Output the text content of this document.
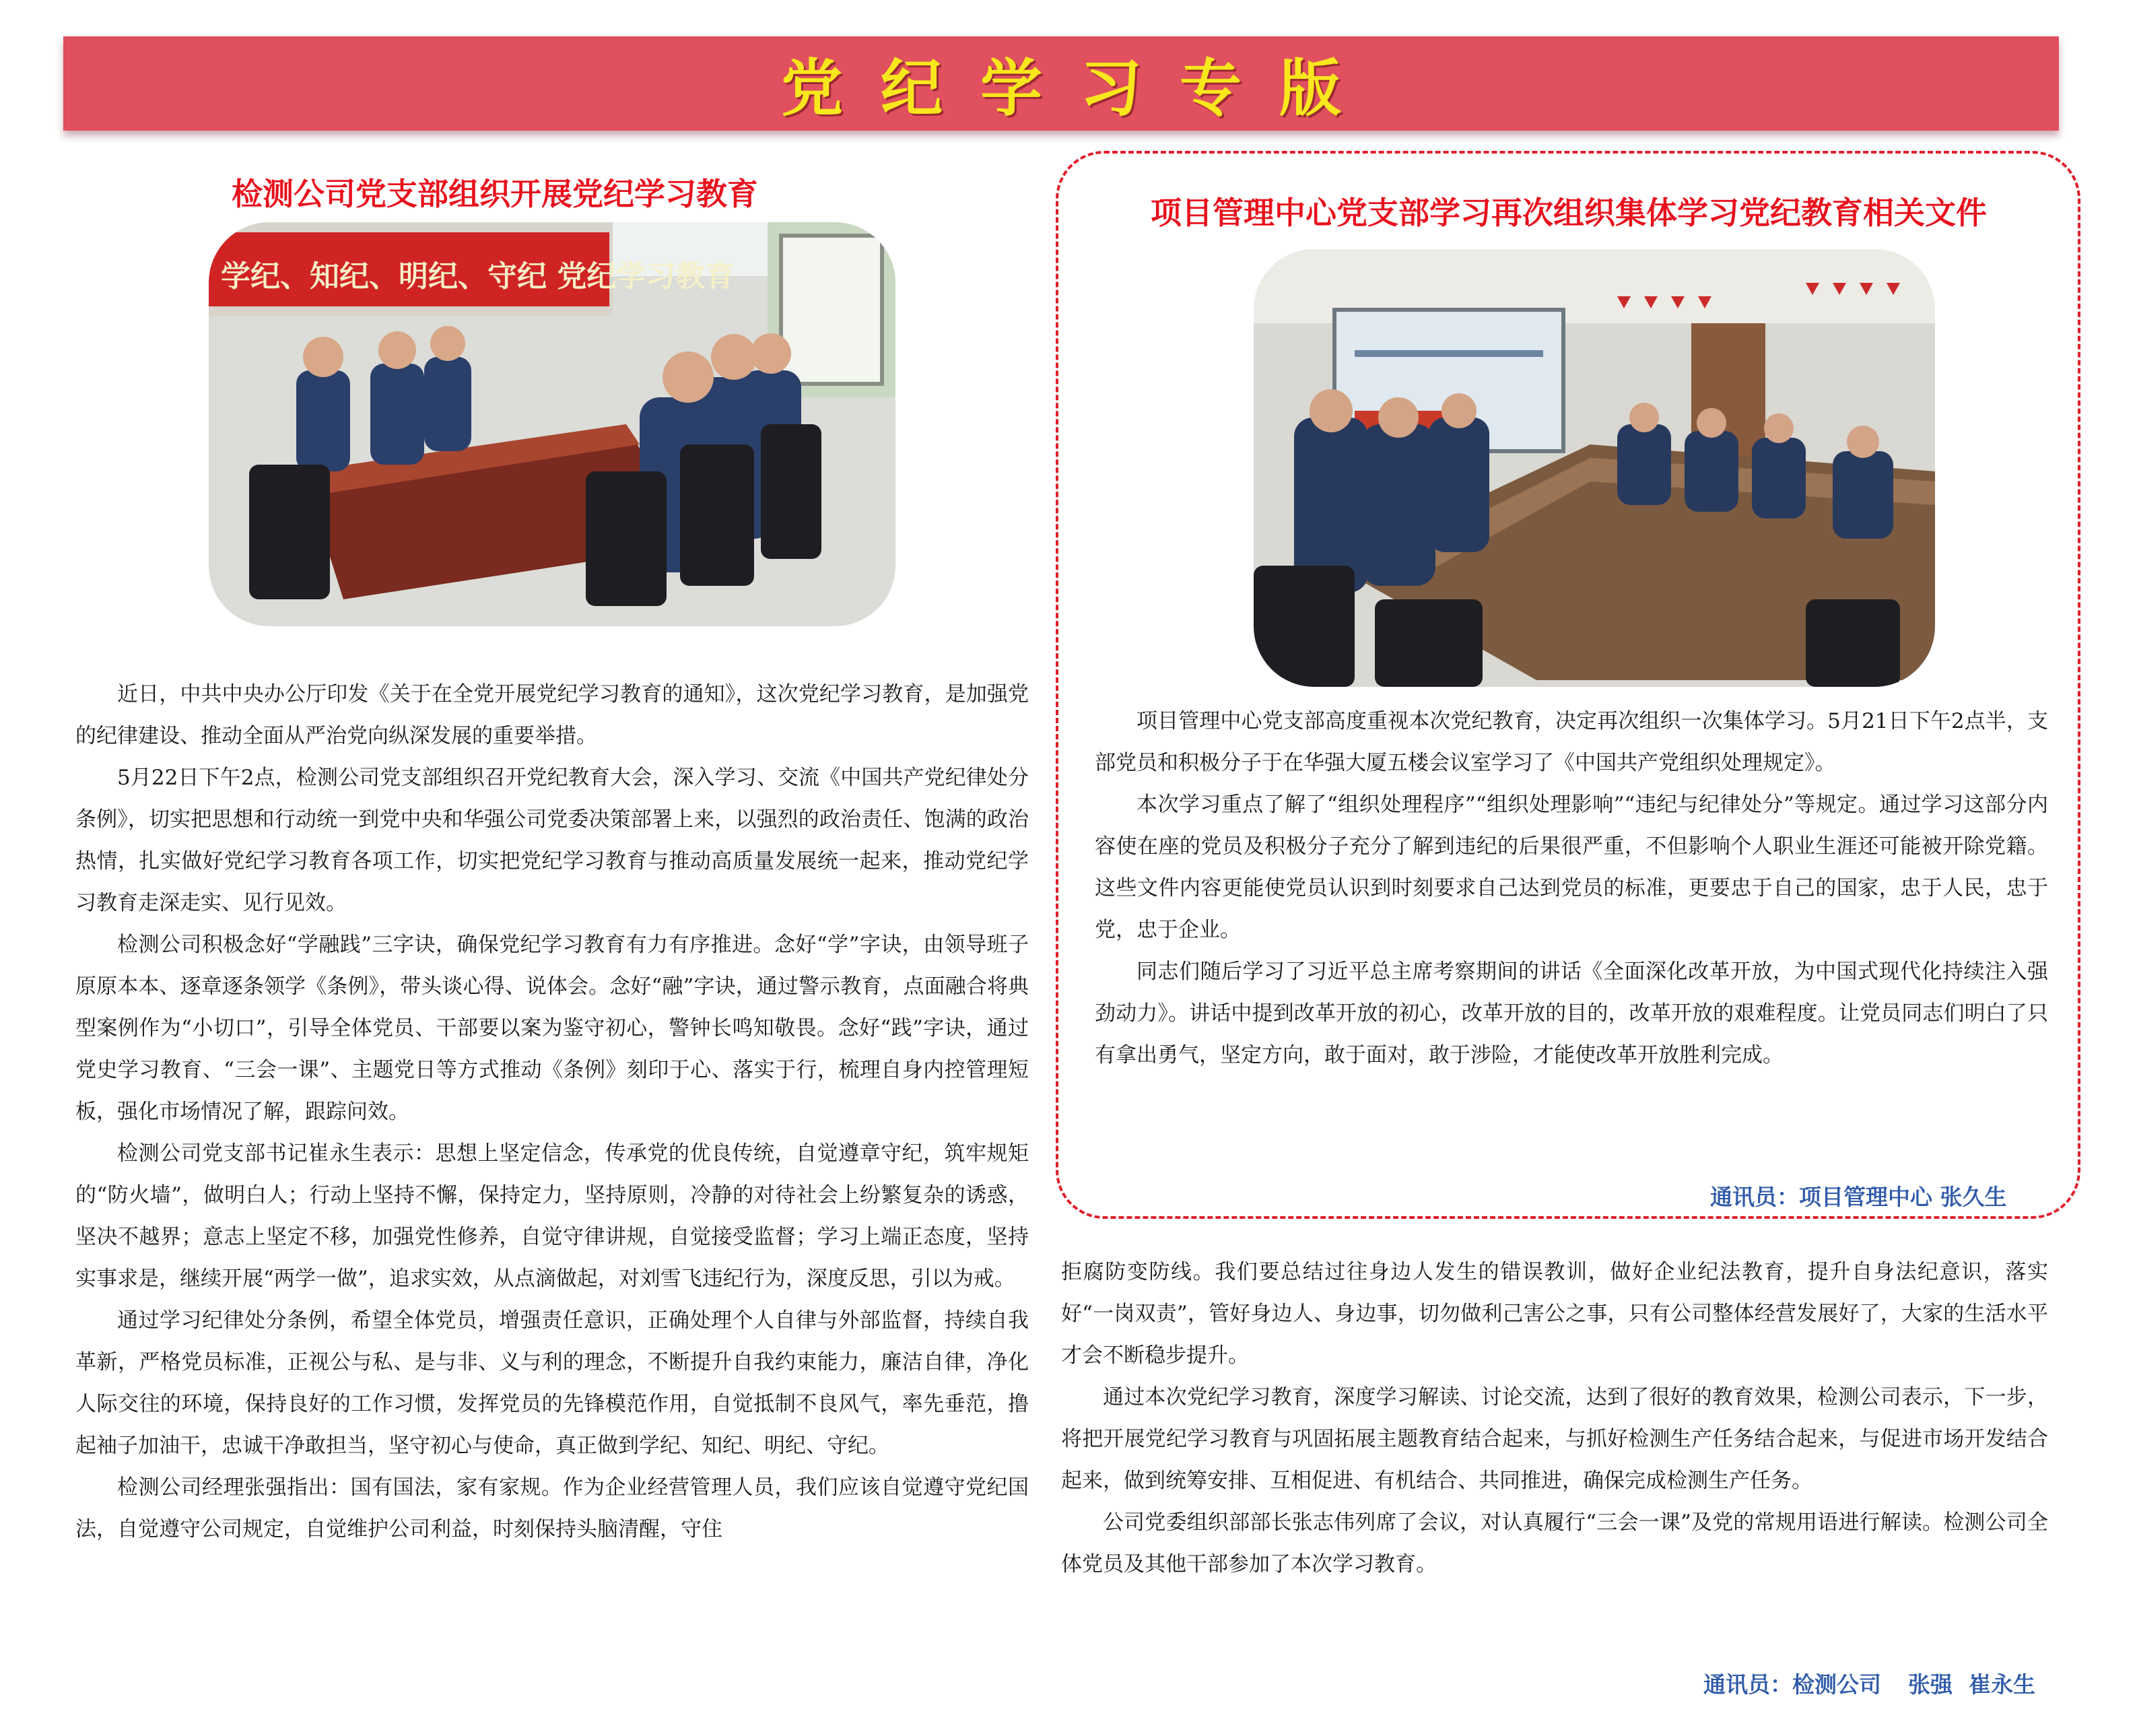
党纪学习专版
检测公司党支部组织开展党纪学习教育
学纪、知纪、明纪、守纪 党纪学习教育

近日，中共中央办公厅印发《关于在全党开展党纪学习教育的通知》，这次党纪学习教育，是加强党的纪律建设、推动全面从严治党向纵深发展的重要举措。

5月22日下午2点，检测公司党支部组织召开党纪教育大会，深入学习、交流《中国共产党纪律处分条例》，切实把思想和行动统一到党中央和华强公司党委决策部署上来，以强烈的政治责任、饱满的政治热情，扎实做好党纪学习教育各项工作，切实把党纪学习教育与推动高质量发展统一起来，推动党纪学习教育走深走实、见行见效。

检测公司积极念好“学融践”三字诀，确保党纪学习教育有力有序推进。念好“学”字诀，由领导班子原原本本、逐章逐条领学《条例》，带头谈心得、说体会。念好“融”字诀，通过警示教育，点面融合将典型案例作为“小切口”，引导全体党员、干部要以案为鉴守初心，警钟长鸣知敬畏。念好“践”字诀，通过党史学习教育、“三会一课”、主题党日等方式推动《条例》刻印于心、落实于行，梳理自身内控管理短板，强化市场情况了解，跟踪问效。

检测公司党支部书记崔永生表示：思想上坚定信念，传承党的优良传统，自觉遵章守纪，筑牢规矩的“防火墙”，做明白人；行动上坚持不懈，保持定力，坚持原则，冷静的对待社会上纷繁复杂的诱惑，坚决不越界；意志上坚定不移，加强党性修养，自觉守律讲规，自觉接受监督；学习上端正态度，坚持实事求是，继续开展“两学一做”，追求实效，从点滴做起，对刘雪飞违纪行为，深度反思，引以为戒。

通过学习纪律处分条例，希望全体党员，增强责任意识，正确处理个人自律与外部监督，持续自我革新，严格党员标准，正视公与私、是与非、义与利的理念，不断提升自我约束能力，廉洁自律，净化人际交往的环境，保持良好的工作习惯，发挥党员的先锋模范作用，自觉抵制不良风气，率先垂范，撸起袖子加油干，忠诚干净敢担当，坚守初心与使命，真正做到学纪、知纪、明纪、守纪。

检测公司经理张强指出：国有国法，家有家规。作为企业经营管理人员，我们应该自觉遵守党纪国法，自觉遵守公司规定，自觉维护公司利益，时刻保持头脑清醒，守住

项目管理中心党支部学习再次组织集体学习党纪教育相关文件

项目管理中心党支部高度重视本次党纪教育，决定再次组织一次集体学习。5月21日下午2点半，支部党员和积极分子于在华强大厦五楼会议室学习了《中国共产党组织处理规定》。

本次学习重点了解了“组织处理程序”“组织处理影响”“违纪与纪律处分”等规定。通过学习这部分内容使在座的党员及积极分子充分了解到违纪的后果很严重，不但影响个人职业生涯还可能被开除党籍。这些文件内容更能使党员认识到时刻要求自己达到党员的标准，更要忠于自己的国家，忠于人民，忠于党，忠于企业。

同志们随后学习了习近平总主席考察期间的讲话《全面深化改革开放，为中国式现代化持续注入强劲动力》。讲话中提到改革开放的初心，改革开放的目的，改革开放的艰难程度。让党员同志们明白了只有拿出勇气，坚定方向，敢于面对，敢于涉险，才能使改革开放胜利完成。

通讯员：项目管理中心 张久生

拒腐防变防线。我们要总结过往身边人发生的错误教训，做好企业纪法教育，提升自身法纪意识，落实好“一岗双责”，管好身边人、身边事，切勿做利己害公之事，只有公司整体经营发展好了，大家的生活水平才会不断稳步提升。

通过本次党纪学习教育，深度学习解读、讨论交流，达到了很好的教育效果，检测公司表示，下一步，将把开展党纪学习教育与巩固拓展主题教育结合起来，与抓好检测生产任务结合起来，与促进市场开发结合起来，做到统筹安排、互相促进、有机结合、共同推进，确保完成检测生产任务。

公司党委组织部部长张志伟列席了会议，对认真履行“三会一课”及党的常规用语进行解读。检测公司全体党员及其他干部参加了本次学习教育。

通讯员：检测公司 张强 崔永生
